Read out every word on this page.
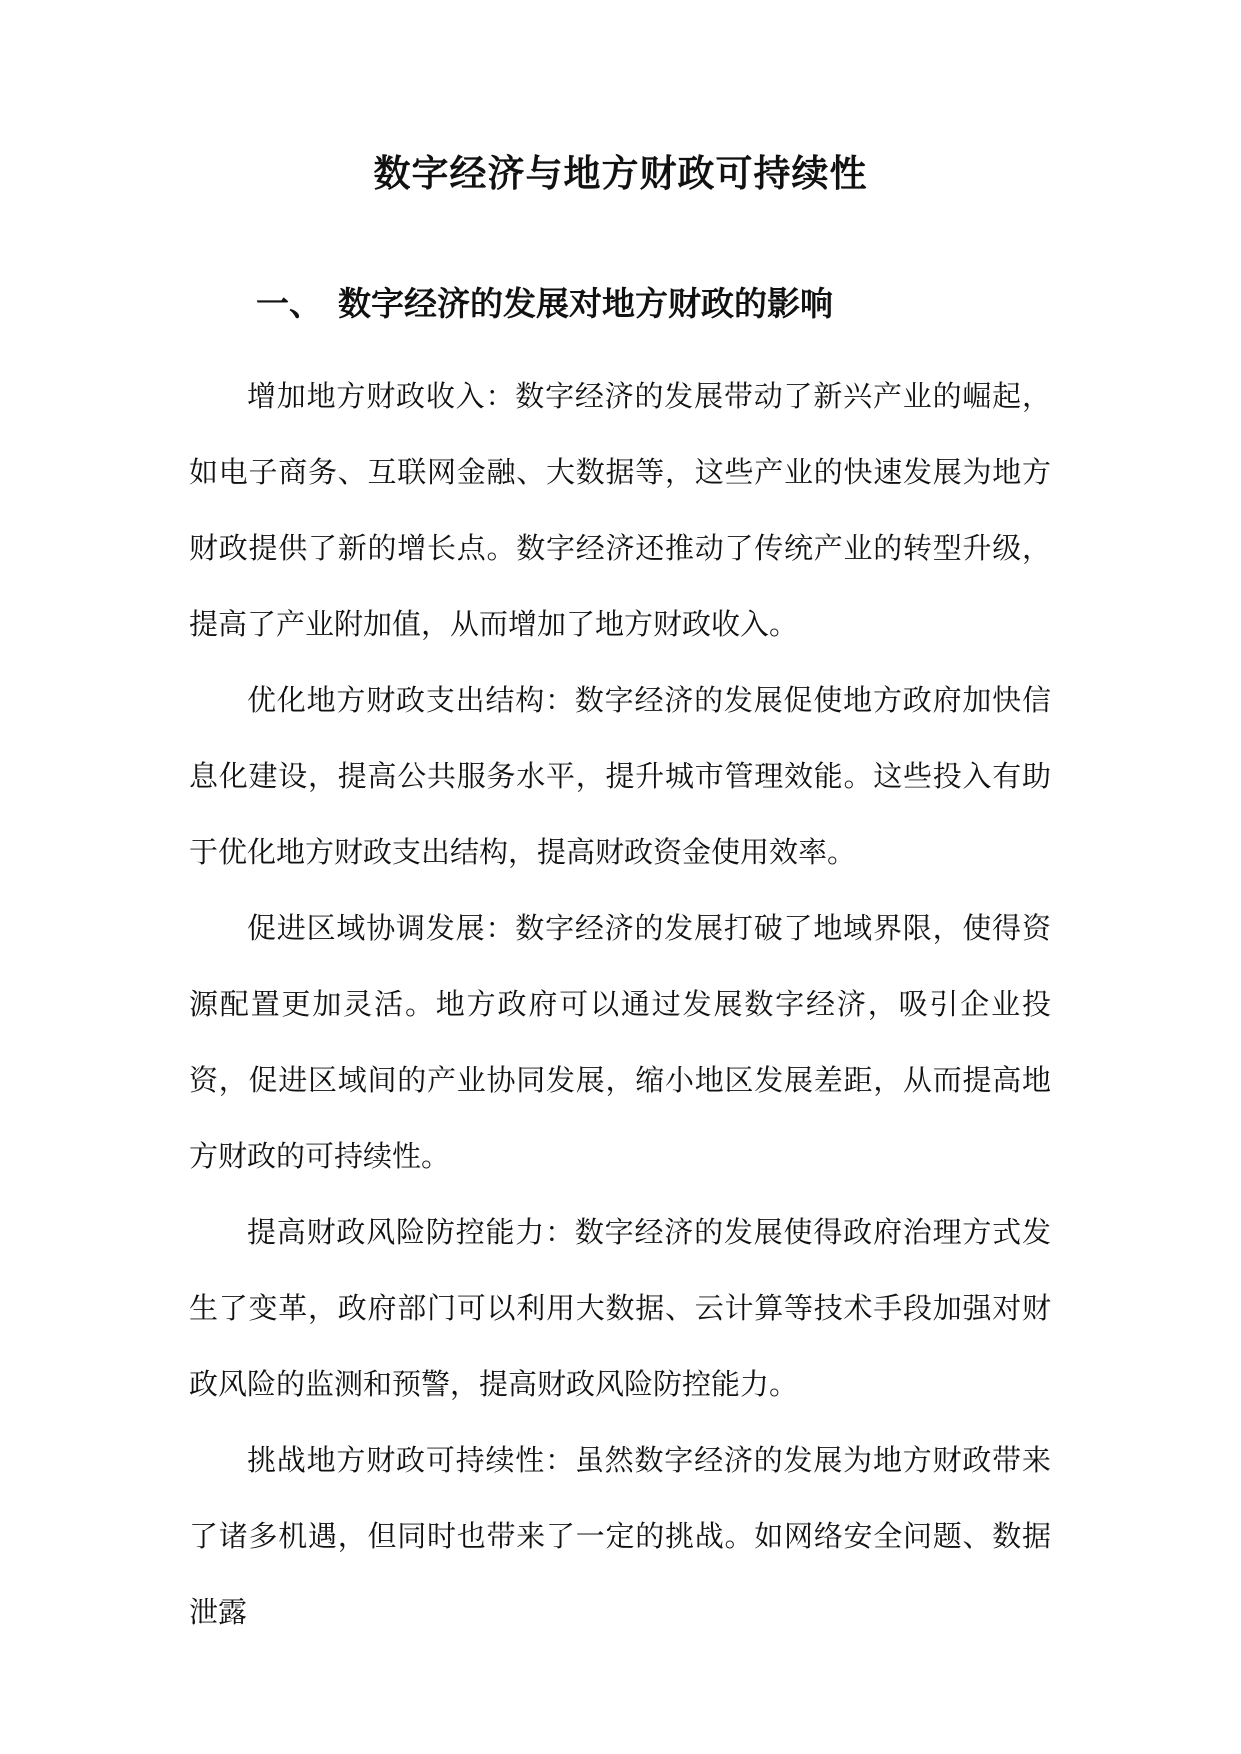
数字经济与地方财政可持续性
一、 数字经济的发展对地方财政的影响

增加地方财政收入：数字经济的发展带动了新兴产业的崛起，如电子商务、互联网金融、大数据等，这些产业的快速发展为地方财政提供了新的增长点。数字经济还推动了传统产业的转型升级，提高了产业附加值，从而增加了地方财政收入。

优化地方财政支出结构：数字经济的发展促使地方政府加快信息化建设，提高公共服务水平，提升城市管理效能。这些投入有助于优化地方财政支出结构，提高财政资金使用效率。

促进区域协调发展：数字经济的发展打破了地域界限，使得资源配置更加灵活。地方政府可以通过发展数字经济，吸引企业投资，促进区域间的产业协同发展，缩小地区发展差距，从而提高地方财政的可持续性。

提高财政风险防控能力：数字经济的发展使得政府治理方式发生了变革，政府部门可以利用大数据、云计算等技术手段加强对财政风险的监测和预警，提高财政风险防控能力。

挑战地方财政可持续性：虽然数字经济的发展为地方财政带来了诸多机遇，但同时也带来了一定的挑战。如网络安全问题、数据泄露
